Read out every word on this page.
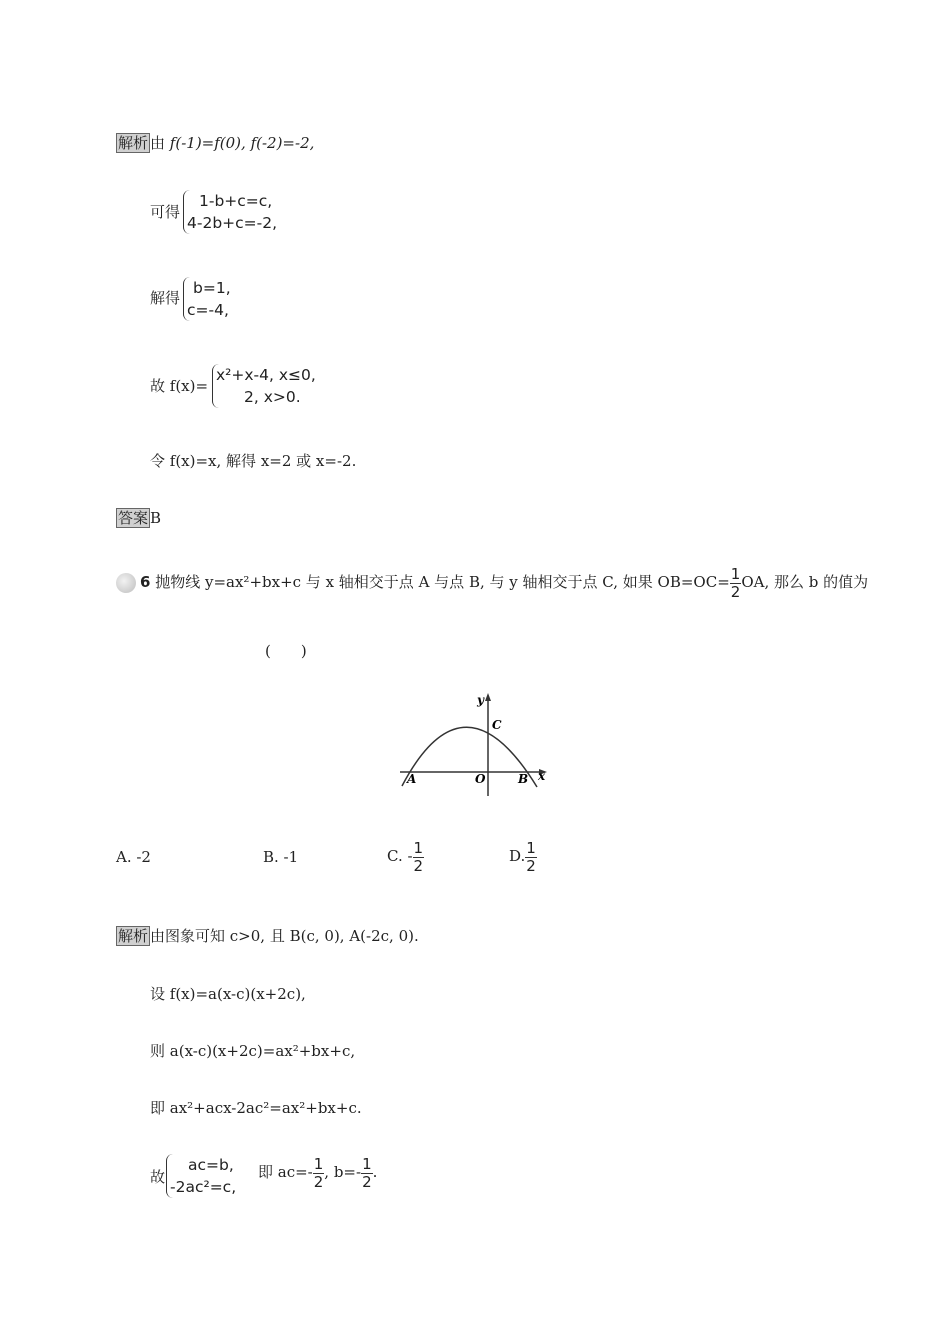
解析 由 f(-1)=f(0), f(-2)=-2,
可得
1-b+c=c,
4-2b+c=-2,
解得
b=1,
c=-4,
故 f(x)=
x²+x-4, x≤0,
2, x>0.
令 f(x)=x, 解得 x=2 或 x=-2.
答案 B
6 抛物线 y=ax²+bx+c 与 x 轴相交于点 A 与点 B, 与 y 轴相交于点 C, 如果 $OB=OC= \frac{1}{2}$ OA, 那么 b 的值为
(　　)
y
x
A	O	B
C
A. -2	B. -1	C. - $\frac{1}{2}$	D. $\frac{1}{2}$
解析 由图象可知 c>0, 且 B(c, 0), A(-2c, 0).
设 f(x)=a(x-c)(x+2c),
则 a(x-c)(x+2c)=ax²+bx+c,
即 ax²+acx-2ac²=ax²+bx+c.
故
ac=b,
-2ac²=c,
即 $ac=- \frac{1}{2}$ , $b=- \frac{1}{2}$ .
